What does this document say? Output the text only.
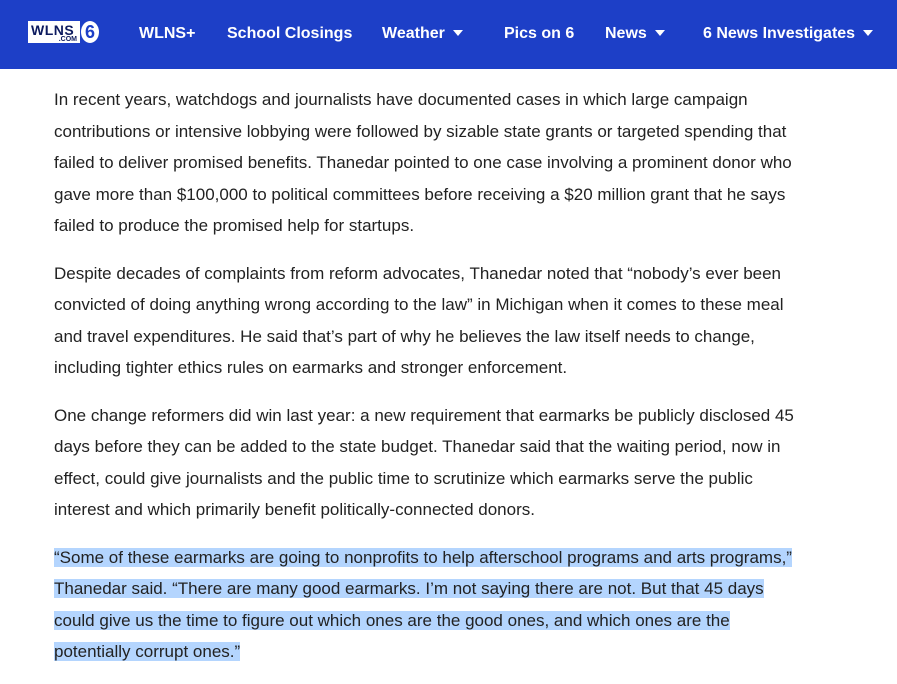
WLNS
.COM 6	WLNS+ School Closings Weather	Pics on 6 News	6 News Investigates

In recent years, watchdogs and journalists have documented cases in which large campaign contributions or intensive lobbying were followed by sizable state grants or targeted spending that failed to deliver promised benefits. Thanedar pointed to one case involving a prominent donor who gave more than $100,000 to political committees before receiving a $20 million grant that he says failed to produce the promised help for startups.

Despite decades of complaints from reform advocates, Thanedar noted that “nobody’s ever been convicted of doing anything wrong according to the law” in Michigan when it comes to these meal and travel expenditures. He said that’s part of why he believes the law itself needs to change, including tighter ethics rules on earmarks and stronger enforcement.

One change reformers did win last year: a new requirement that earmarks be publicly disclosed 45 days before they can be added to the state budget. Thanedar said that the waiting period, now in effect, could give journalists and the public time to scrutinize which earmarks serve the public interest and which primarily benefit politically-connected donors.

“Some of these earmarks are going to nonprofits to help afterschool programs and arts programs,” Thanedar said. “There are many good earmarks. I’m not saying there are not. But that 45 days could give us the time to figure out which ones are the good ones, and which ones are the potentially corrupt ones.”
